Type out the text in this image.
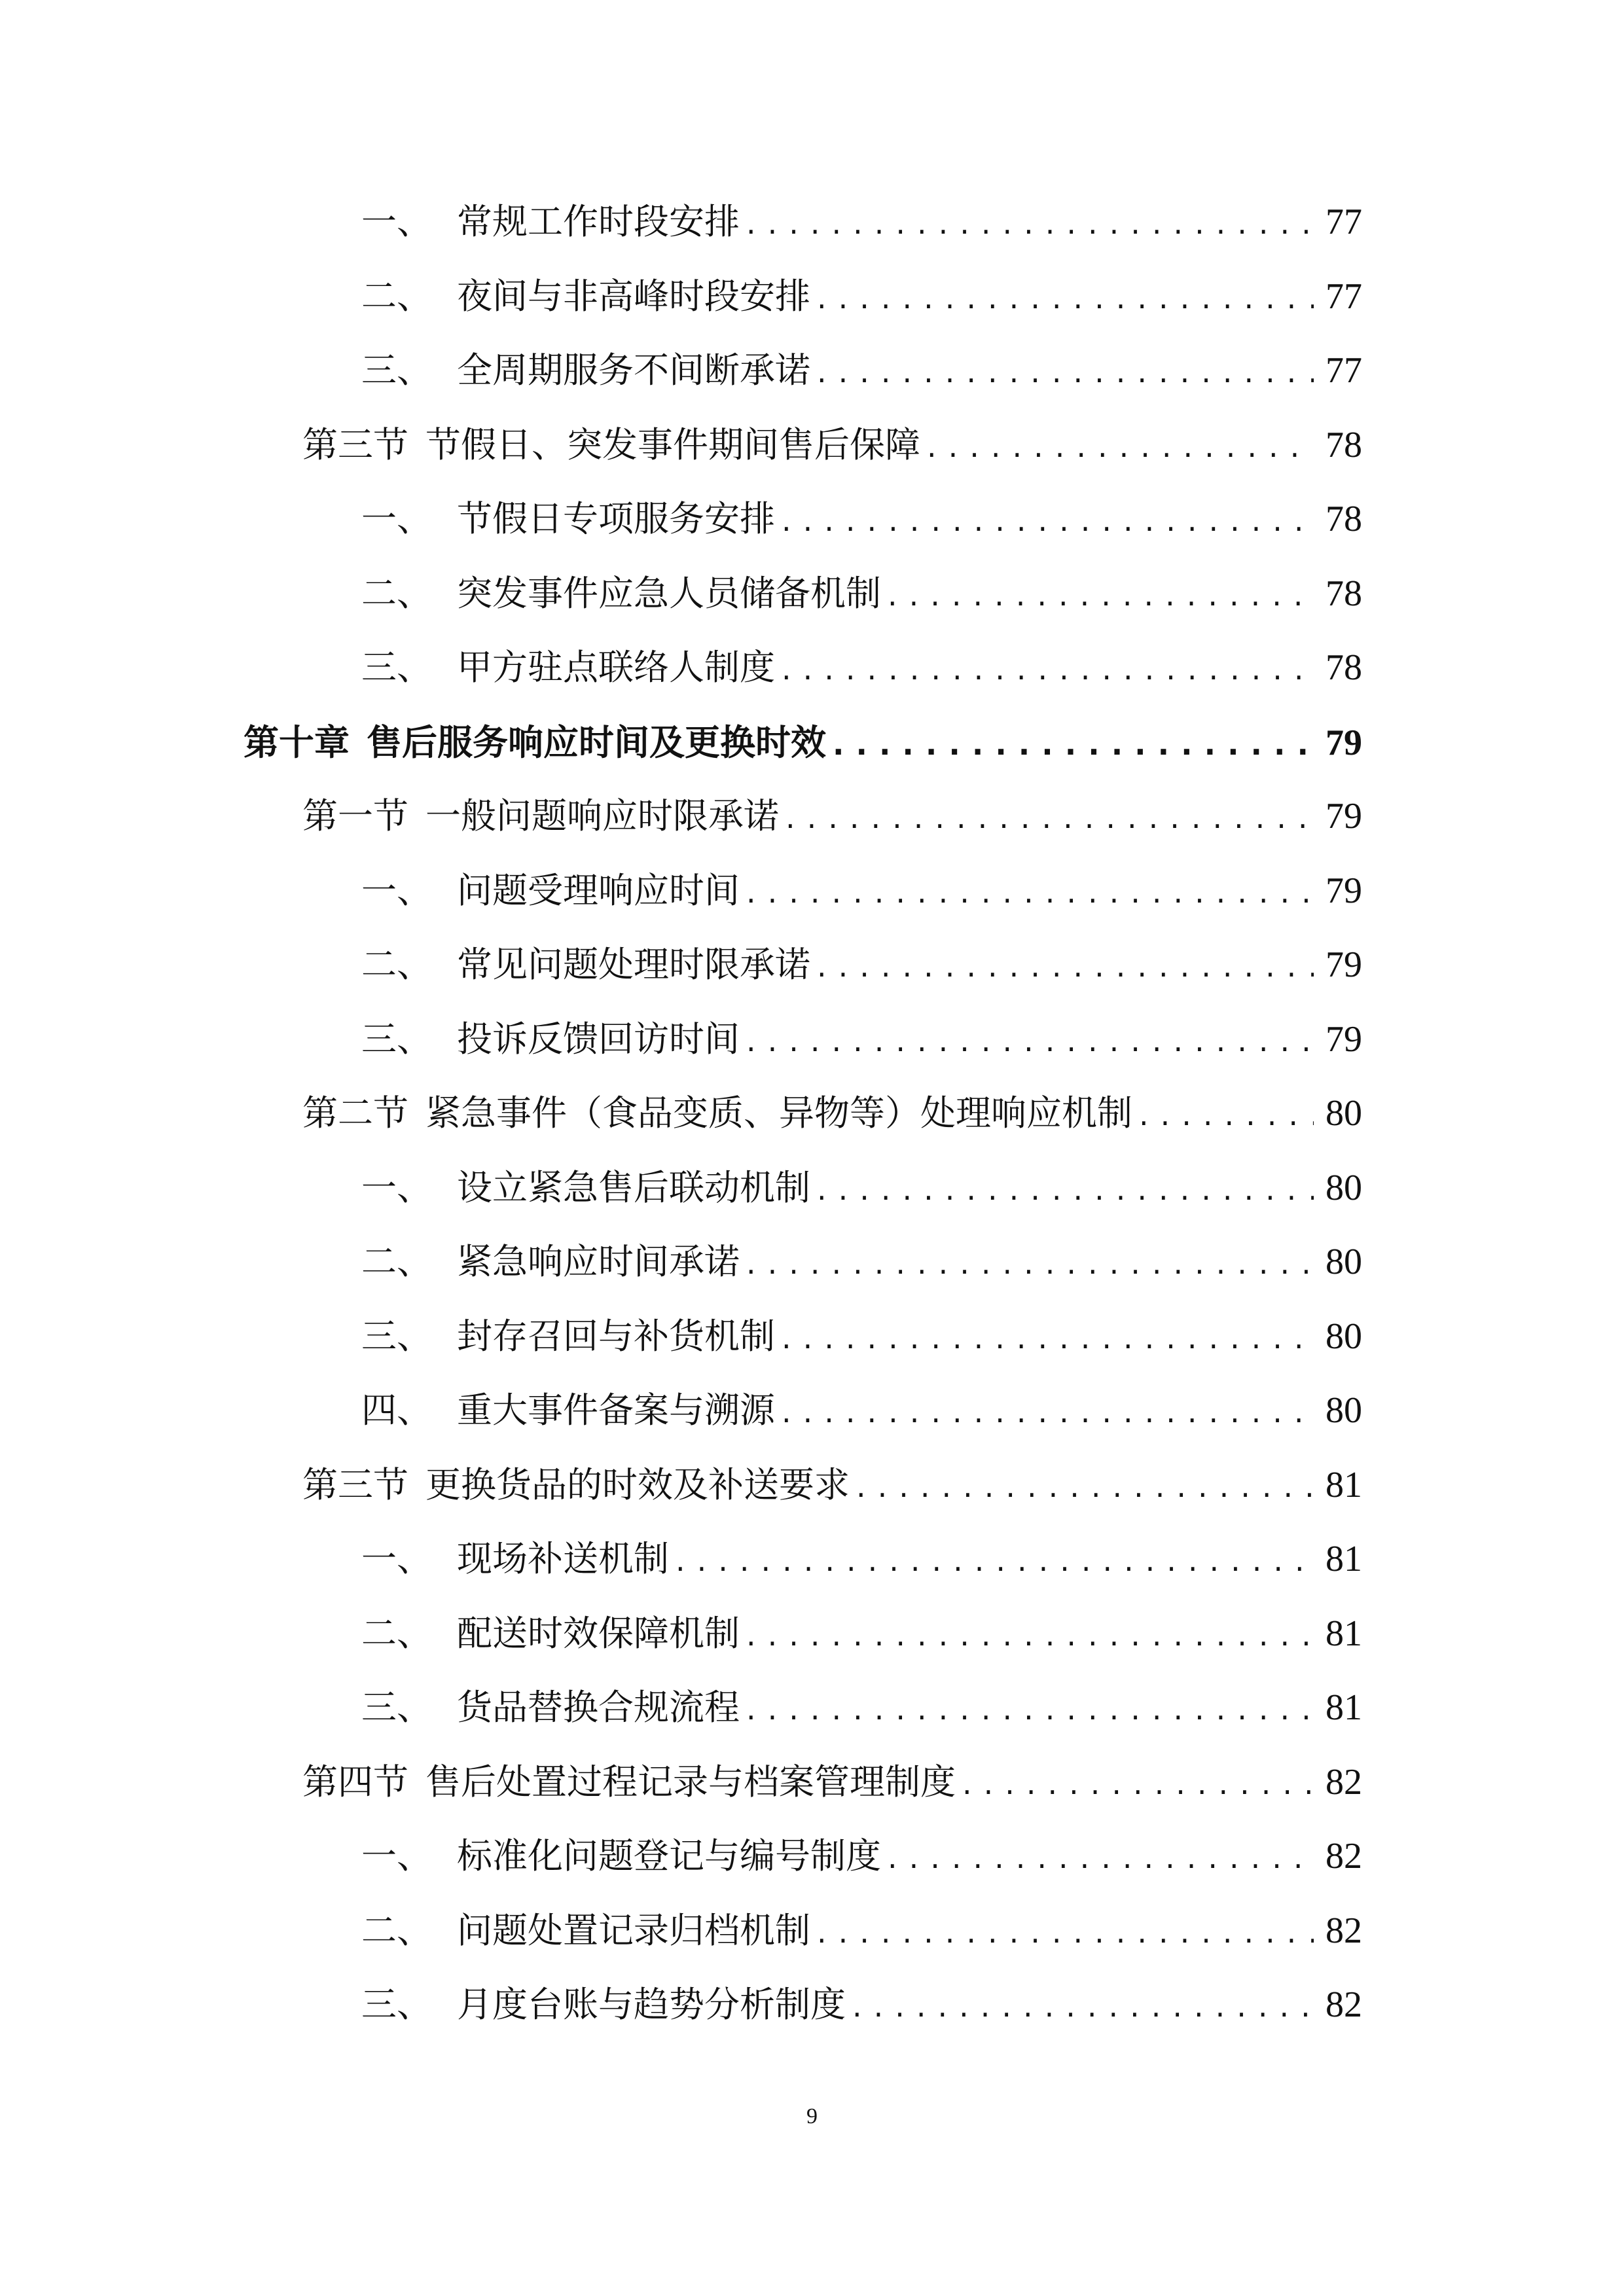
一、 常规工作时段安排 .....	77
二、 夜间与非高峰时段安排 .....	77
三、 全周期服务不间断承诺 .....	77
第三节 节假日、突发事件期间售后保障 .....	78
一、 节假日专项服务安排 .....	78
二、 突发事件应急人员储备机制 .....	78
三、 甲方驻点联络人制度 .....	78
第十章 售后服务响应时间及更换时效 .....	79
第一节 一般问题响应时限承诺 .....	79
一、 问题受理响应时间 .....	79
二、 常见问题处理时限承诺 .....	79
三、 投诉反馈回访时间 .....	79
第二节 紧急事件（食品变质、异物等）处理响应机制 .....	80
一、 设立紧急售后联动机制 .....	80
二、 紧急响应时间承诺 .....	80
三、 封存召回与补货机制 .....	80
四、 重大事件备案与溯源 .....	80
第三节 更换货品的时效及补送要求 .....	81
一、 现场补送机制 .....	81
二、 配送时效保障机制 .....	81
三、 货品替换合规流程 .....	81
第四节 售后处置过程记录与档案管理制度 .....	82
一、 标准化问题登记与编号制度 .....	82
二、 问题处置记录归档机制 .....	82
三、 月度台账与趋势分析制度 .....	82
9
